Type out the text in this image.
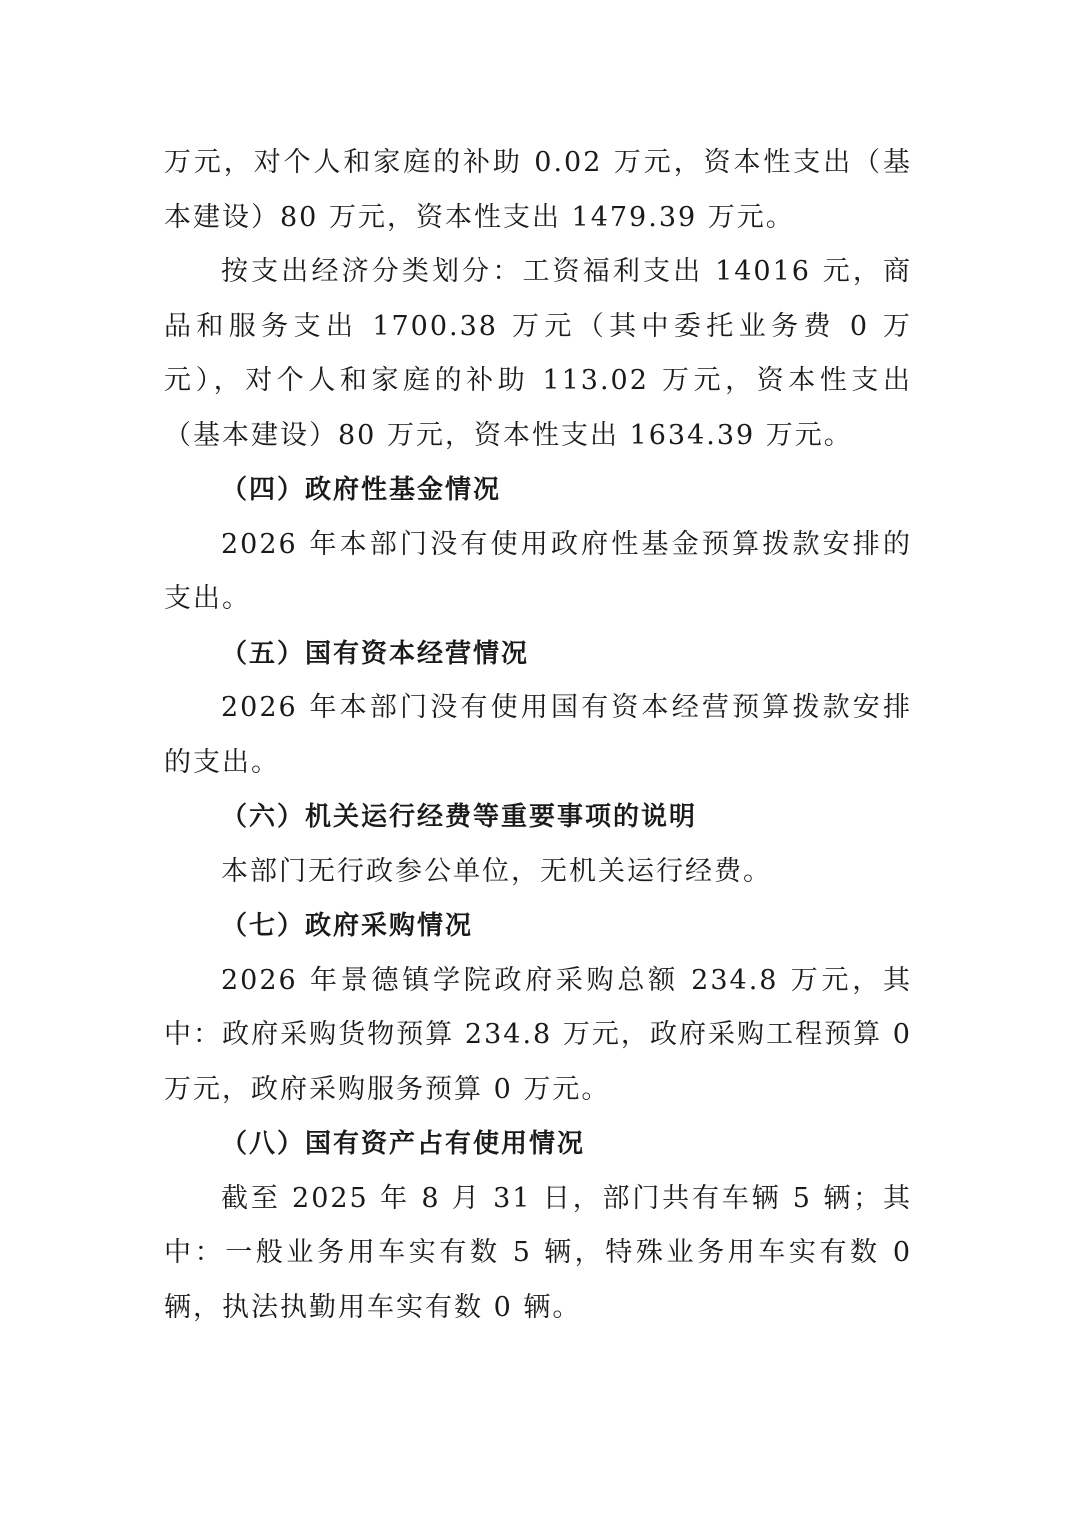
万元，对个人和家庭的补助 0.02 万元，资本性支出（基本建设）80 万元，资本性支出 1479.39 万元。

按支出经济分类划分：工资福利支出 14016 元，商品和服务支出 1700.38 万元（其中委托业务费 0 万元），对个人和家庭的补助 113.02 万元，资本性支出（基本建设）80 万元，资本性支出 1634.39 万元。

（四）政府性基金情况

2026 年本部门没有使用政府性基金预算拨款安排的支出。

（五）国有资本经营情况

2026 年本部门没有使用国有资本经营预算拨款安排的支出。

（六）机关运行经费等重要事项的说明

本部门无行政参公单位，无机关运行经费。

（七）政府采购情况

2026 年景德镇学院政府采购总额 234.8 万元，其中：政府采购货物预算 234.8 万元，政府采购工程预算 0 万元，政府采购服务预算 0 万元。

（八）国有资产占有使用情况

截至 2025 年 8 月 31 日，部门共有车辆 5 辆；其中：一般业务用车实有数 5 辆，特殊业务用车实有数 0 辆，执法执勤用车实有数 0 辆。
